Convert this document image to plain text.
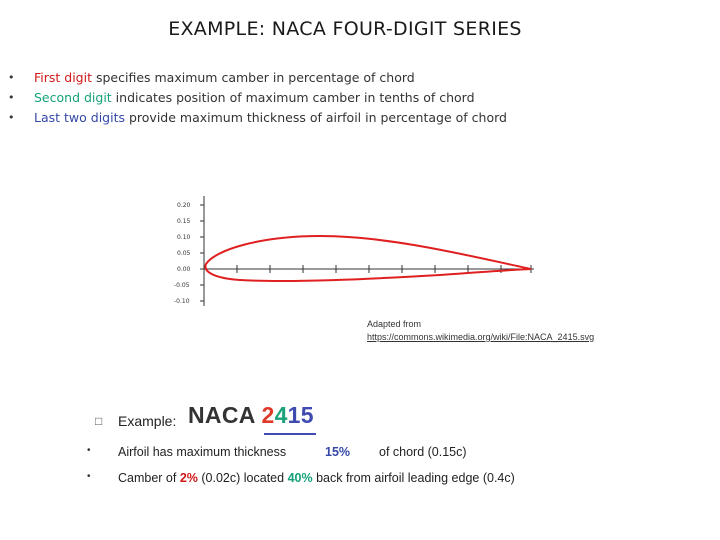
EXAMPLE: NACA FOUR-DIGIT SERIES
• First digit specifies maximum camber in percentage of chord
• Second digit indicates position of maximum camber in tenths of chord
• Last two digits provide maximum thickness of airfoil in percentage of chord
0.20
0.15
0.10
0.05
0.00
-0.05
-0.10
Adapted from
https://commons.wikimedia.org/wiki/File:NACA_2415.svg
□ Example: NACA 2415
• Airfoil has maximum thickness	15% of chord (0.15c)
• Camber of 2% (0.02c) located 40% back from airfoil leading edge (0.4c)
